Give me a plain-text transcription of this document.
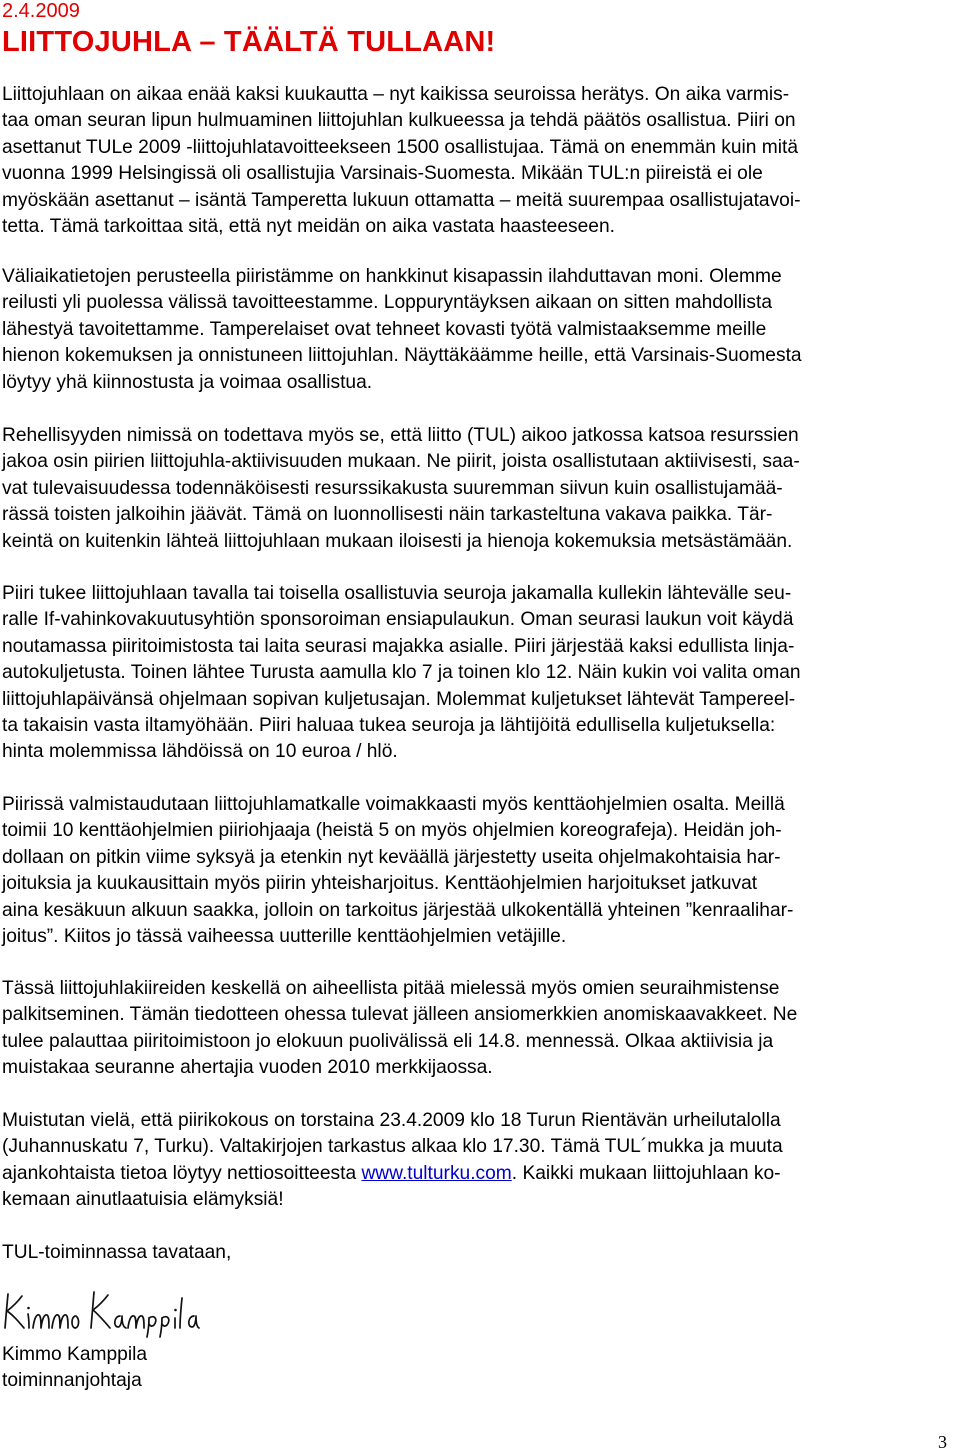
2.4.2009
LIITTOJUHLA – TÄÄLTÄ TULLAAN!
Liittojuhlaan on aikaa enää kaksi kuukautta – nyt kaikissa seuroissa herätys. On aika varmis-
taa oman seuran lipun hulmuaminen liittojuhlan kulkueessa ja tehdä päätös osallistua. Piiri on
asettanut TULe 2009 -liittojuhlatavoitteekseen 1500 osallistujaa. Tämä on enemmän kuin mitä
vuonna 1999 Helsingissä oli osallistujia Varsinais-Suomesta. Mikään TUL:n piireistä ei ole
myöskään asettanut – isäntä Tamperetta lukuun ottamatta – meitä suurempaa osallistujatavoi-
tetta. Tämä tarkoittaa sitä, että nyt meidän on aika vastata haasteeseen.
Väliaikatietojen perusteella piiristämme on hankkinut kisapassin ilahduttavan moni. Olemme
reilusti yli puolessa välissä tavoitteestamme. Loppuryntäyksen aikaan on sitten mahdollista
lähestyä tavoitettamme. Tamperelaiset ovat tehneet kovasti työtä valmistaaksemme meille
hienon kokemuksen ja onnistuneen liittojuhlan. Näyttäkäämme heille, että Varsinais-Suomesta
löytyy yhä kiinnostusta ja voimaa osallistua.
Rehellisyyden nimissä on todettava myös se, että liitto (TUL) aikoo jatkossa katsoa resurssien
jakoa osin piirien liittojuhla-aktiivisuuden mukaan. Ne piirit, joista osallistutaan aktiivisesti, saa-
vat tulevaisuudessa todennäköisesti resurssikakusta suuremman siivun kuin osallistujamää-
rässä toisten jalkoihin jäävät. Tämä on luonnollisesti näin tarkasteltuna vakava paikka. Tär-
keintä on kuitenkin lähteä liittojuhlaan mukaan iloisesti ja hienoja kokemuksia metsästämään.
Piiri tukee liittojuhlaan tavalla tai toisella osallistuvia seuroja jakamalla kullekin lähtevälle seu-
ralle If-vahinkovakuutusyhtiön sponsoroiman ensiapulaukun. Oman seurasi laukun voit käydä
noutamassa piiritoimistosta tai laita seurasi majakka asialle. Piiri järjestää kaksi edullista linja-
autokuljetusta. Toinen lähtee Turusta aamulla klo 7 ja toinen klo 12. Näin kukin voi valita oman
liittojuhlapäivänsä ohjelmaan sopivan kuljetusajan. Molemmat kuljetukset lähtevät Tampereel-
ta takaisin vasta iltamyöhään. Piiri haluaa tukea seuroja ja lähtijöitä edullisella kuljetuksella:
hinta molemmissa lähdöissä on 10 euroa / hlö.
Piirissä valmistaudutaan liittojuhlamatkalle voimakkaasti myös kenttäohjelmien osalta. Meillä
toimii 10 kenttäohjelmien piiriohjaaja (heistä 5 on myös ohjelmien koreografeja). Heidän joh-
dollaan on pitkin viime syksyä ja etenkin nyt keväällä järjestetty useita ohjelmakohtaisia har-
joituksia ja kuukausittain myös piirin yhteisharjoitus. Kenttäohjelmien harjoitukset jatkuvat
aina kesäkuun alkuun saakka, jolloin on tarkoitus järjestää ulkokentällä yhteinen ”kenraalihar-
joitus”. Kiitos jo tässä vaiheessa uutterille kenttäohjelmien vetäjille.
Tässä liittojuhlakiireiden keskellä on aiheellista pitää mielessä myös omien seuraihmistense
palkitseminen. Tämän tiedotteen ohessa tulevat jälleen ansiomerkkien anomiskaavakkeet. Ne
tulee palauttaa piiritoimistoon jo elokuun puolivälissä eli 14.8. mennessä. Olkaa aktiivisia ja
muistakaa seuranne ahertajia vuoden 2010 merkkijaossa.
Muistutan vielä, että piirikokous on torstaina 23.4.2009 klo 18 Turun Rientävän urheilutalolla
(Juhannuskatu 7, Turku). Valtakirjojen tarkastus alkaa klo 17.30. Tämä TUL´mukka ja muuta
ajankohtaista tietoa löytyy nettiosoitteesta www.tulturku.com. Kaikki mukaan liittojuhlaan ko-
kemaan ainutlaatuisia elämyksiä!
TUL-toiminnassa tavataan,
Kimmo Kamppila
toiminnanjohtaja
3
